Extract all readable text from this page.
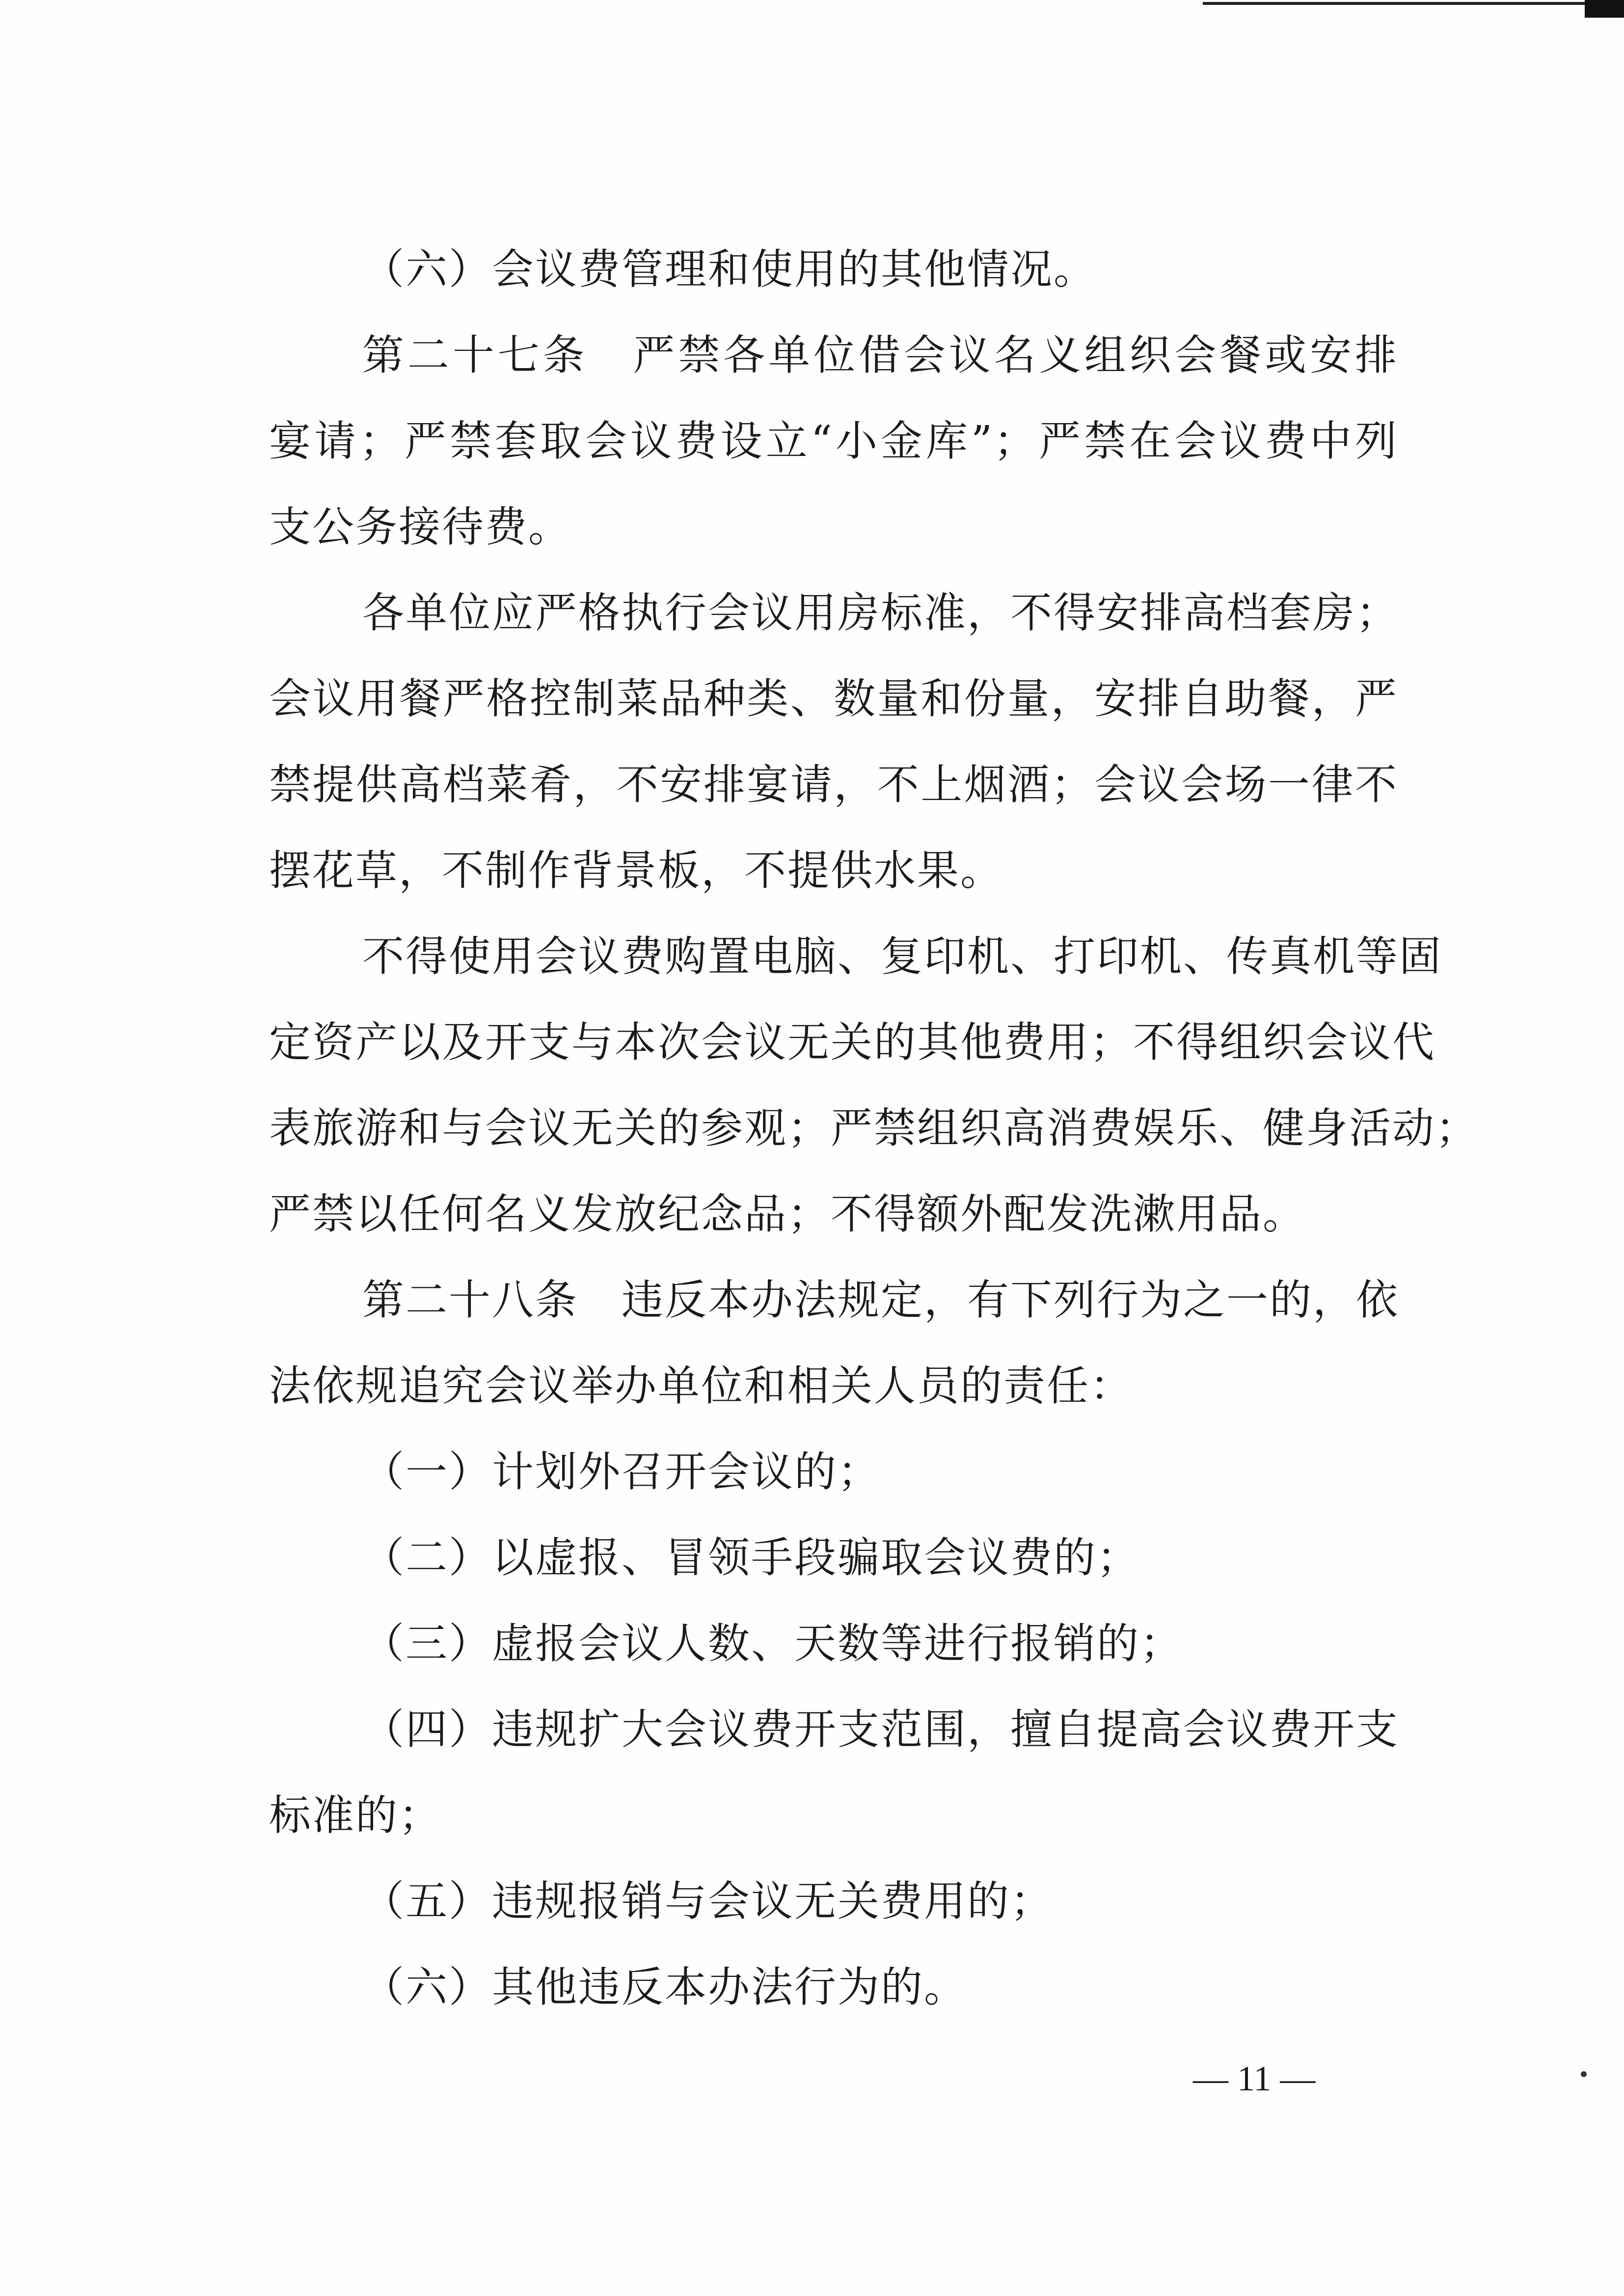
（六）会议费管理和使用的其他情况。
第二十七条　严禁各单位借会议名义组织会餐或安排
宴请；严禁套取会议费设立“小金库”；严禁在会议费中列
支公务接待费。
各单位应严格执行会议用房标准，不得安排高档套房；
会议用餐严格控制菜品种类、数量和份量，安排自助餐，严
禁提供高档菜肴，不安排宴请，不上烟酒；会议会场一律不
摆花草，不制作背景板，不提供水果。
不得使用会议费购置电脑、复印机、打印机、传真机等固
定资产以及开支与本次会议无关的其他费用；不得组织会议代
表旅游和与会议无关的参观；严禁组织高消费娱乐、健身活动；
严禁以任何名义发放纪念品；不得额外配发洗漱用品。
第二十八条　违反本办法规定，有下列行为之一的，依
法依规追究会议举办单位和相关人员的责任：
（一）计划外召开会议的；
（二）以虚报、冒领手段骗取会议费的；
（三）虚报会议人数、天数等进行报销的；
（四）违规扩大会议费开支范围，擅自提高会议费开支
标准的；
（五）违规报销与会议无关费用的；
（六）其他违反本办法行为的。
— 11 —
